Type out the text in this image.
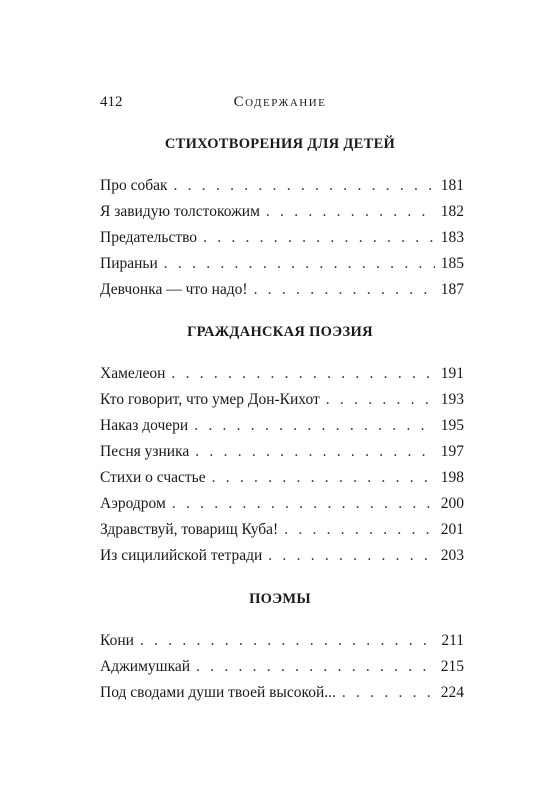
412	Содержание
СТИХОТВОРЕНИЯ ДЛЯ ДЕТЕЙ
Про собак . . .	181
Я завидую толстокожим . . .	182
Предательство . . .	183
Пираньи . . .	185
Девчонка — что надо! . . .	187
ГРАЖДАНСКАЯ ПОЭЗИЯ
Хамелеон . . .	191
Кто говорит, что умер Дон-Кихот . . .	193
Наказ дочери . . .	195
Песня узника . . .	197
Стихи о счастье . . .	198
Аэродром . . .	200
Здравствуй, товарищ Куба! . . .	201
Из сицилийской тетради . . .	203
ПОЭМЫ
Кони . . .	211
Аджимушкай . . .	215
Под сводами души твоей высокой... . . .	224
